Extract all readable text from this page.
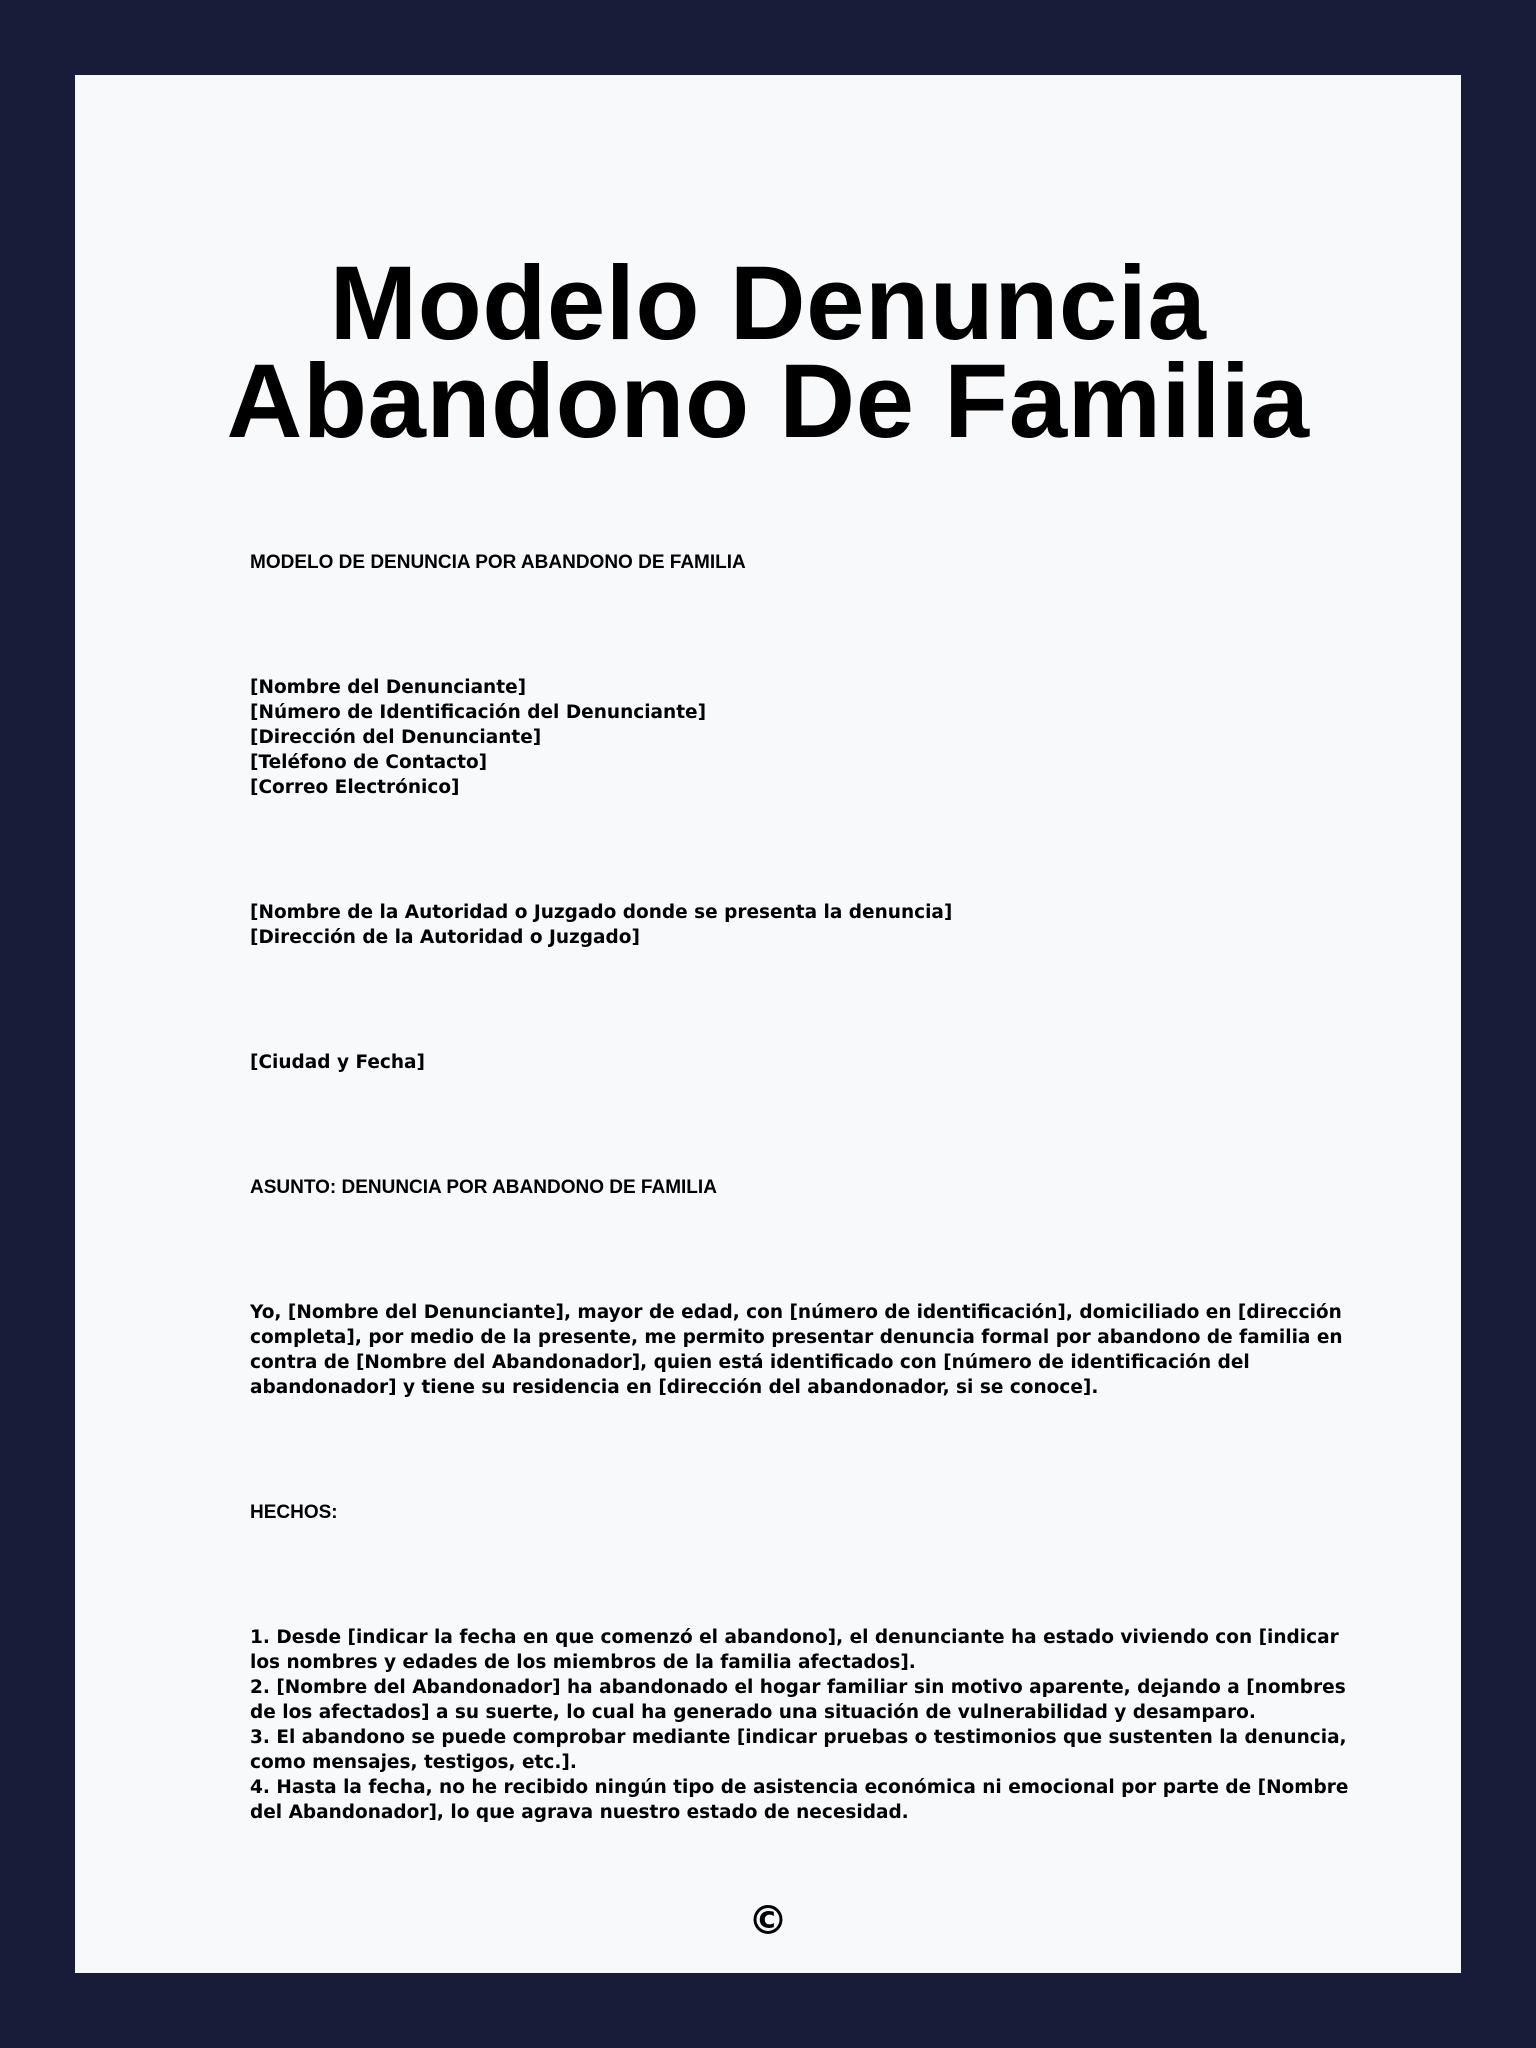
Modelo Denuncia Abandono De Familia

MODELO DE DENUNCIA POR ABANDONO DE FAMILIA

[Nombre del Denunciante]
[Número de Identificación del Denunciante]
[Dirección del Denunciante]
[Teléfono de Contacto]
[Correo Electrónico]

[Nombre de la Autoridad o Juzgado donde se presenta la denuncia]
[Dirección de la Autoridad o Juzgado]

[Ciudad y Fecha]

ASUNTO: DENUNCIA POR ABANDONO DE FAMILIA

Yo, [Nombre del Denunciante], mayor de edad, con [número de identificación], domiciliado en [dirección completa], por medio de la presente, me permito presentar denuncia formal por abandono de familia en contra de [Nombre del Abandonador], quien está identificado con [número de identificación del abandonador] y tiene su residencia en [dirección del abandonador, si se conoce].

HECHOS:

1. Desde [indicar la fecha en que comenzó el abandono], el denunciante ha estado viviendo con [indicar los nombres y edades de los miembros de la familia afectados].

2. [Nombre del Abandonador] ha abandonado el hogar familiar sin motivo aparente, dejando a [nombres de los afectados] a su suerte, lo cual ha generado una situación de vulnerabilidad y desamparo.

3. El abandono se puede comprobar mediante [indicar pruebas o testimonios que sustenten la denuncia, como mensajes, testigos, etc.].

4. Hasta la fecha, no he recibido ningún tipo de asistencia económica ni emocional por parte de [Nombre del Abandonador], lo que agrava nuestro estado de necesidad.

©
